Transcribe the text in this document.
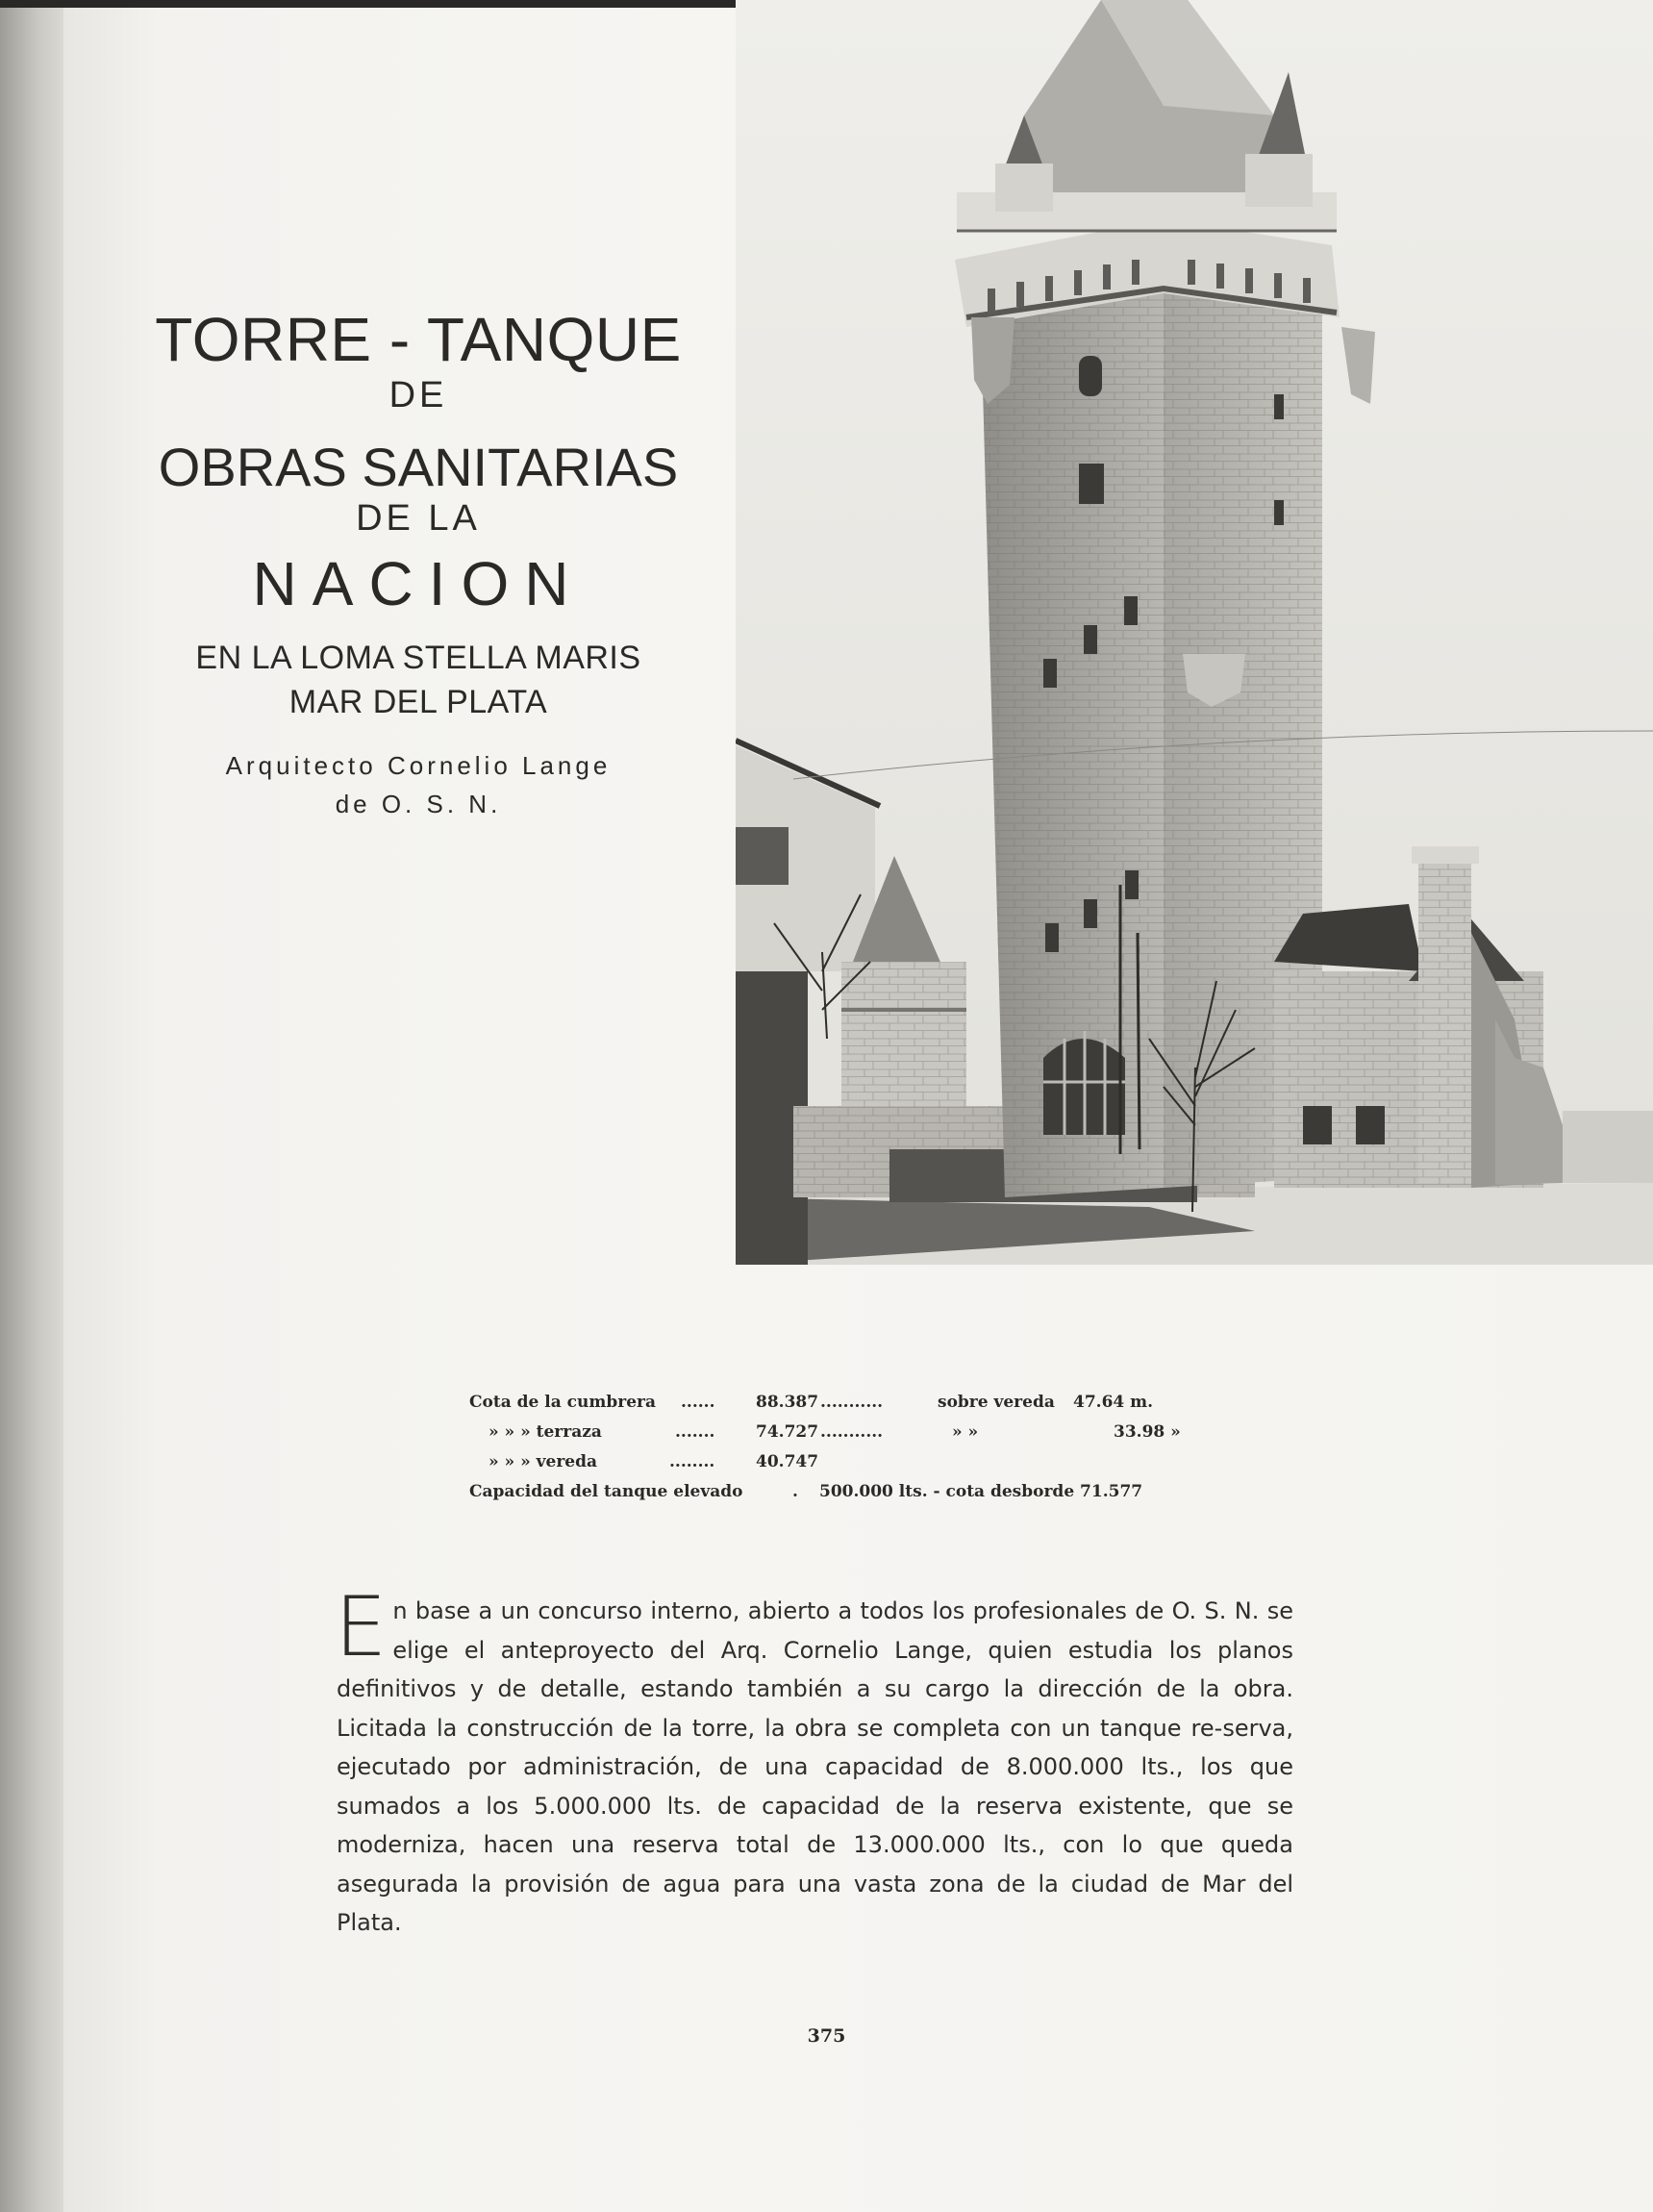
TORRE - TANQUE
DE
OBRAS SANITARIAS
DE LA
NACION
EN LA LOMA STELLA MARIS
MAR DEL PLATA
Arquitecto Cornelio Lange
de O. S. N.
Cota de la cumbrera ...... 88.387 ...........	sobre vereda 47.64 m.
» » » terraza	.......	74.727 ...........	» »	33.98 »
» » » vereda	........	40.747
Capacidad del tanque elevado	. 500.000 lts. - cota desborde 71.577
En base a un concurso interno, abierto a todos los profesionales de O. S. N. se elige el anteproyecto del Arq. Cornelio Lange, quien estudia los planos definitivos y de detalle, estando también a su cargo la dirección de la obra. Licitada la construcción de la torre, la obra se completa con un tanque re-serva, ejecutado por administración, de una capacidad de 8.000.000 lts., los que sumados a los 5.000.000 lts. de capacidad de la reserva existente, que se moderniza, hacen una reserva total de 13.000.000 lts., con lo que queda asegurada la provisión de agua para una vasta zona de la ciudad de Mar del Plata.
375
